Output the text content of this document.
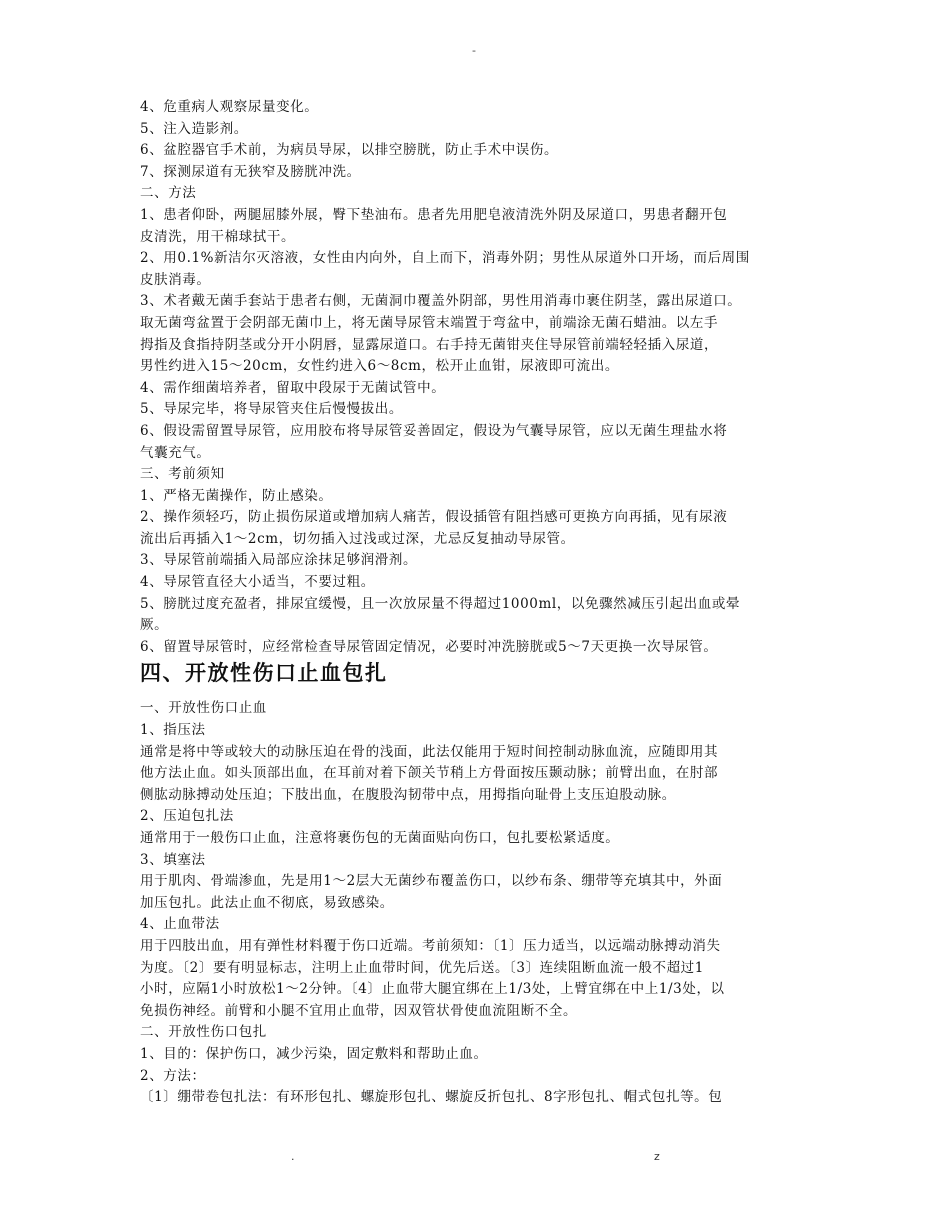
-
4、危重病人观察尿量变化。
5、注入造影剂。
6、盆腔器官手术前，为病员导尿，以排空膀胱，防止手术中误伤。
7、探测尿道有无狭窄及膀胱冲洗。
二、方法
1、患者仰卧，两腿屈膝外展，臀下垫油布。患者先用肥皂液清洗外阴及尿道口，男患者翻开包
皮清洗，用干棉球拭干。
2、用0.1%新洁尔灭溶液，女性由内向外，自上而下，消毒外阴；男性从尿道外口开场，而后周围
皮肤消毒。
3、术者戴无菌手套站于患者右侧，无菌洞巾覆盖外阴部，男性用消毒巾裹住阴茎，露出尿道口。
取无菌弯盆置于会阴部无菌巾上，将无菌导尿管末端置于弯盆中，前端涂无菌石蜡油。以左手
拇指及食指持阴茎或分开小阴唇，显露尿道口。右手持无菌钳夹住导尿管前端轻轻插入尿道，
男性约进入15～20cm，女性约进入6～8cm，松开止血钳，尿液即可流出。
4、需作细菌培养者，留取中段尿于无菌试管中。
5、导尿完毕，将导尿管夹住后慢慢拔出。
6、假设需留置导尿管，应用胶布将导尿管妥善固定，假设为气囊导尿管，应以无菌生理盐水将
气囊充气。
三、考前须知
1、严格无菌操作，防止感染。
2、操作须轻巧，防止损伤尿道或增加病人痛苦，假设插管有阻挡感可更换方向再插，见有尿液
流出后再插入1～2cm，切勿插入过浅或过深，尤忌反复抽动导尿管。
3、导尿管前端插入局部应涂抹足够润滑剂。
4、导尿管直径大小适当，不要过粗。
5、膀胱过度充盈者，排尿宜缓慢，且一次放尿量不得超过1000ml，以免骤然减压引起出血或晕
厥。
6、留置导尿管时，应经常检查导尿管固定情况，必要时冲洗膀胱或5～7天更换一次导尿管。
四、开放性伤口止血包扎
一、开放性伤口止血
1、指压法
通常是将中等或较大的动脉压迫在骨的浅面，此法仅能用于短时间控制动脉血流，应随即用其
他方法止血。如头顶部出血，在耳前对着下颌关节稍上方骨面按压颞动脉；前臂出血，在肘部
侧肱动脉搏动处压迫；下肢出血，在腹股沟韧带中点，用拇指向耻骨上支压迫股动脉。
2、压迫包扎法
通常用于一般伤口止血，注意将裹伤包的无菌面贴向伤口，包扎要松紧适度。
3、填塞法
用于肌肉、骨端渗血，先是用1～2层大无菌纱布覆盖伤口，以纱布条、绷带等充填其中，外面
加压包扎。此法止血不彻底，易致感染。
4、止血带法
用于四肢出血，用有弹性材料覆于伤口近端。考前须知：〔1〕压力适当，以远端动脉搏动消失
为度。〔2〕要有明显标志，注明上止血带时间，优先后送。〔3〕连续阻断血流一般不超过1
小时，应隔1小时放松1～2分钟。〔4〕止血带大腿宜绑在上1/3处，上臂宜绑在中上1/3处，以
免损伤神经。前臂和小腿不宜用止血带，因双管状骨使血流阻断不全。
二、开放性伤口包扎
1、目的：保护伤口，减少污染，固定敷料和帮助止血。
2、方法：
〔1〕绷带卷包扎法：有环形包扎、螺旋形包扎、螺旋反折包扎、8字形包扎、帽式包扎等。包
.	z
